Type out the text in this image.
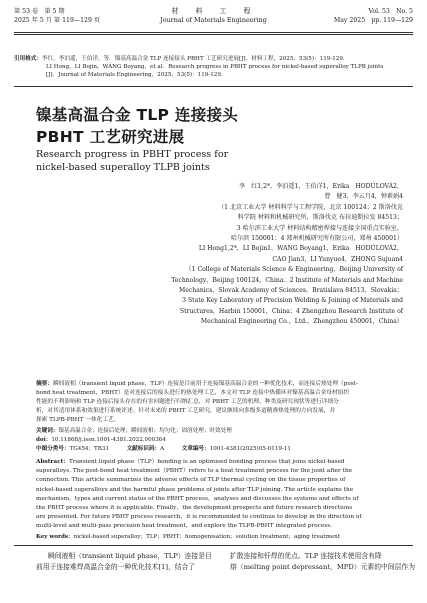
第 53 卷　第 5 期
2025 年 5 月 第 119—129 页
材　料　工　程
Journal of Materials Engineering
Vol. 53　No. 5
May 2025　pp. 119—129
引用格式：李红，李泊遥，王伯洋，等．镍基高温合金 TLP 连接接头 PBHT 工艺研究进展[J]．材料工程，2025，53(5)：119-129．
LI Hong，LI Bojin，WANG Boyang，et al．Research progress in PBHT process for nickel-based superalloy TLPB joints
[J]．Journal of Materials Engineering，2025，53(5)：119-129．
镍基高温合金 TLP 连接接头
PBHT 工艺研究进展
Research progress in PBHT process for
nickel-based superalloy TLPB joints
李　红1,2*，李泊遥1，王伯洋1，Erika　HODÚLOVÁ2，
曹　健3，李云月4，钟素娟4
（1 北京工业大学 材料科学与工程学院，北京 100124；2 斯洛伐克
科学院 材料和机械研究所，斯洛伐克 布拉迪斯拉发 84513；
3 哈尔滨工业大学 材料结构精密焊接与连接全国重点实验室，
哈尔滨 150001；4 郑州机械研究所有限公司，郑州 450001）
LI Hong1,2*，LI Bojin1，WANG Boyang1，Erika　HODÚLOVÁ2，
CAO Jian3，LI Yunyue4，ZHONG Sujuan4
（1 College of Materials Science & Engineering，Beijing University of
Technology，Beijing 100124，China；2 Institute of Materials and Machine
Mechanics，Slovak Academy of Sciences，Bratislava 84513，Slovakia；
3 State Key Laboratory of Precision Welding & Joining of Materials and
Structures，Harbin 150001，China；4 Zhengzhou Research Institute of
Mechanical Engineering Co.，Ltd.，Zhengzhou 450001，China）
摘要：瞬间液相（transient liquid phase，TLP）连接是目前用于连接镍基高温合金的一种优化技术，而连接后热处理（post-
bond heat treatment，PBHT）是对连接后的接头进行的热处理工艺，本文对 TLP 连接中热循环对镍基高温合金母材组织
性能的不利影响和 TLP 连接后接头存在的有害问题进行归纳汇总，对 PBHT 工艺的机理、种类及研究现状等进行详细分
析，对其适用体系和效果进行系统评述。针对未来的 PBHT 工艺研究，建议继续向多级多道精准热处理的方向发展，并
探索 TLPB-PBHT 一体化工艺。
关键词：镍基高温合金；连接后处理；瞬间液相；均匀化；固溶处理；时效处理
doi：10.11868/j.issn.1001-4381.2022.000364
中图分类号：TG454；TB31	文献标识码：A	文章编号：1001-4381(2025)05-0119-11
Abstract：Transient liquid phase（TLP）bonding is an optimised bonding process that joins nickel-based
superalloys. The post-bond heat treatment（PBHT）refers to a heat treatment process for the joint after the
connection. This article summarizes the adverse effects of TLP thermal cycling on the tissue properties of
nickel-based superalloys and the harmful phase problems of joints after TLP joining. The article explains the
mechanism，types and current status of the PBHT process，analyses and discusses the systems and effects of
the PBHT process where it is applicable. Finally，the development prospects and future research directions
are presented. For future PBHT process research，it is recommended to continue to develop in the direction of
multi-level and multi-pass precision heat treatment，and explore the TLPB-PBHT integrated process.
Key words：nickel-based superalloy；TLP；PBHT；homogenisation；solution treatment；aging treatment
瞬间液相（transient liquid phase，TLP）连接是目
前用于连接难焊高温合金的一种优化技术[1]，结合了
扩散连接和钎焊的优点。TLP 连接技术使用含有降
熔（melting point depressant，MPD）元素的中间层作为
